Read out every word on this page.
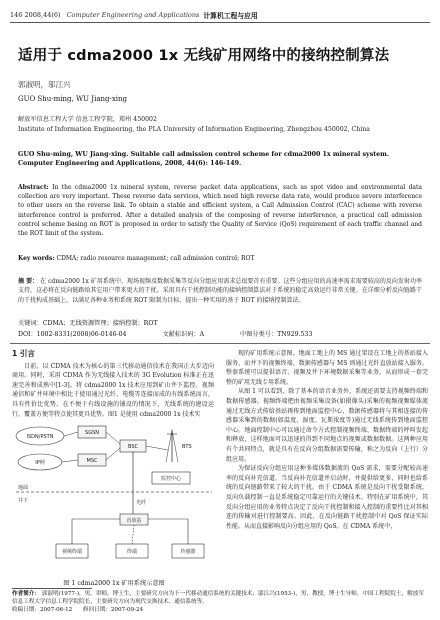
146 2008,44(6) Computer Engineering and Applications 计算机工程与应用
适用于 cdma2000 1x 无线矿用网络中的接纳控制算法
郭淑明，邬江兴
GUO Shu-ming, WU Jiang-xing
解放军信息工程大学 信息工程学院，郑州 450002
Institute of Information Engineering, the PLA University of Information Engineering, Zhengzhou 450002, China
GUO Shu-ming, WU Jiang-xing. Suitable call admission control scheme for cdma2000 1x mineral system. Computer Engineering and Applications, 2008, 44(6): 146-149.
Abstract: In the cdma2000 1x mineral system, reverse packet data applications, such as spot video and environmental data collection are very important. These reverse data services, which need high reverse data rate, would produce severe interference to other users on the reverse link. To obtain a stable and efficient system, a Call Admission Control (CAC) scheme with reverse interference control is preferred. After a detailed analysis of the composing of reverse interference, a practical call admission control scheme basing on ROT is proposed in order to satisfy the Quality of Service (QoS) requirement of each traffic channel and the ROT limit of the system.
Key words: CDMA; radio resource management; call admission control; ROT
摘 要： 在 cdma2000 1x 矿用系统中，现场视频及数据采集等反向分组应用需求总很要首有重要。这些分组应用的高速率需求需要较高的反向发射功率支持，这必将在反向链路给其它用户带来更大的干扰。采用具有干扰控制功能的接纳控制算法对于系统的稳定高效运行非常关键。在详细分析反向链路干的干扰构成基础上，以满足各种业务和系统 ROT 限制为目标，提出一种实用的基于 ROT 的接纳控制算法。
关键词：CDMA；无线资源管理；接纳控制；ROT
DOI：1002-8331(2008)06-0146-04	文献标识码：A	中图分类号：TN929.533
1 引言

目前，以 CDMA 技术为核心的第三代移动通信技术在我国正大步迈向商用。同时，采用 CDMA 作为无线接入技术的 3G Evolution 标准正在迅速完善和成熟中[1-3]。将 cdma2000 1x 技术应用到矿山井下监控、视频通信和矿井环境中相比于使用通过光纤、电缆等连接而成的有线系统而言，具有性价比优势。在不便于有线设施的铺设的情况下，无线系统的建设运行，覆盖方便等特点使其更具优势。图1 是使用 cdma2000 1x 技术实

ISDN/PSTN
IP网
SGSN
MSC
BSC	BTS
监控中心
地面
井下	光纤
直放站
视频终端	传感器
终端
图 1 cdma2000 1x 矿用系统示意图

现的矿用系统示意图。地面工地上的 MS 通过架设在工地上的基站接入服务，而井下的视频终端、数据传感器与 MS 则通过光纤直放站接入服务。整套系统可以提供语音、视频及井下环境数据采集等业务，从而形成一套完整的矿用无线专用系统。

从图 1 可以看到，除了基本的语音业务外，系统还需要支持视频终端和数据传感器。视频终端把由视频采集设备(如摄像头)采集的视频视频媒体流通过无线方式传给基站再传到地面监控中心，数据传感器将与其相连接的传感器采集到的数据(如温度、湿度、瓦斯浓度等)通过无线系统传到地面监控中心。地面控制中心可以通过命令方式控制视频终端、数据终端的呼叫发起和释放，这样地面可以迅速的得到不同地点的视频或数据数据。这两种应用有个共同特点，就是具有在反向分组数据需要传输，称之为反向（上行）分组应用。

为保证反向分组应用这种多媒体数据流的 QoS 需求，需要分配较高速率的反向补充信道，当反向补充信道并启动时，并提供给更多，同时也给系统的反向链路带来了较大的干扰。由于 CDMA 系统是反向干扰受限系统，反向负载控制一直是系统稳定可靠运行的关键技术。特别在矿用系统中，其反向分组应用的业务特点决定了反向干扰控制和接入控制的重要性比对其相连的传输对进行控制要高。因此，在反向链路干扰控制中对 QoS 保证实际性能。从而直接影响反向分组应用的 QoS。在 CDMA 系统中，

作者简介： 郭淑明(1977-)，男，讲师，博士生，主要研究方向为下一代移动通信系统的关键技术；邬江兴(1953-)，男，教授，博士生导师，中国工程院院士，解放军信息工程大学信息工程学院院长，主要研究方向为现代交换技术、通信系统等。
收稿日期：2007-06-12 修回日期：2007-09-24
